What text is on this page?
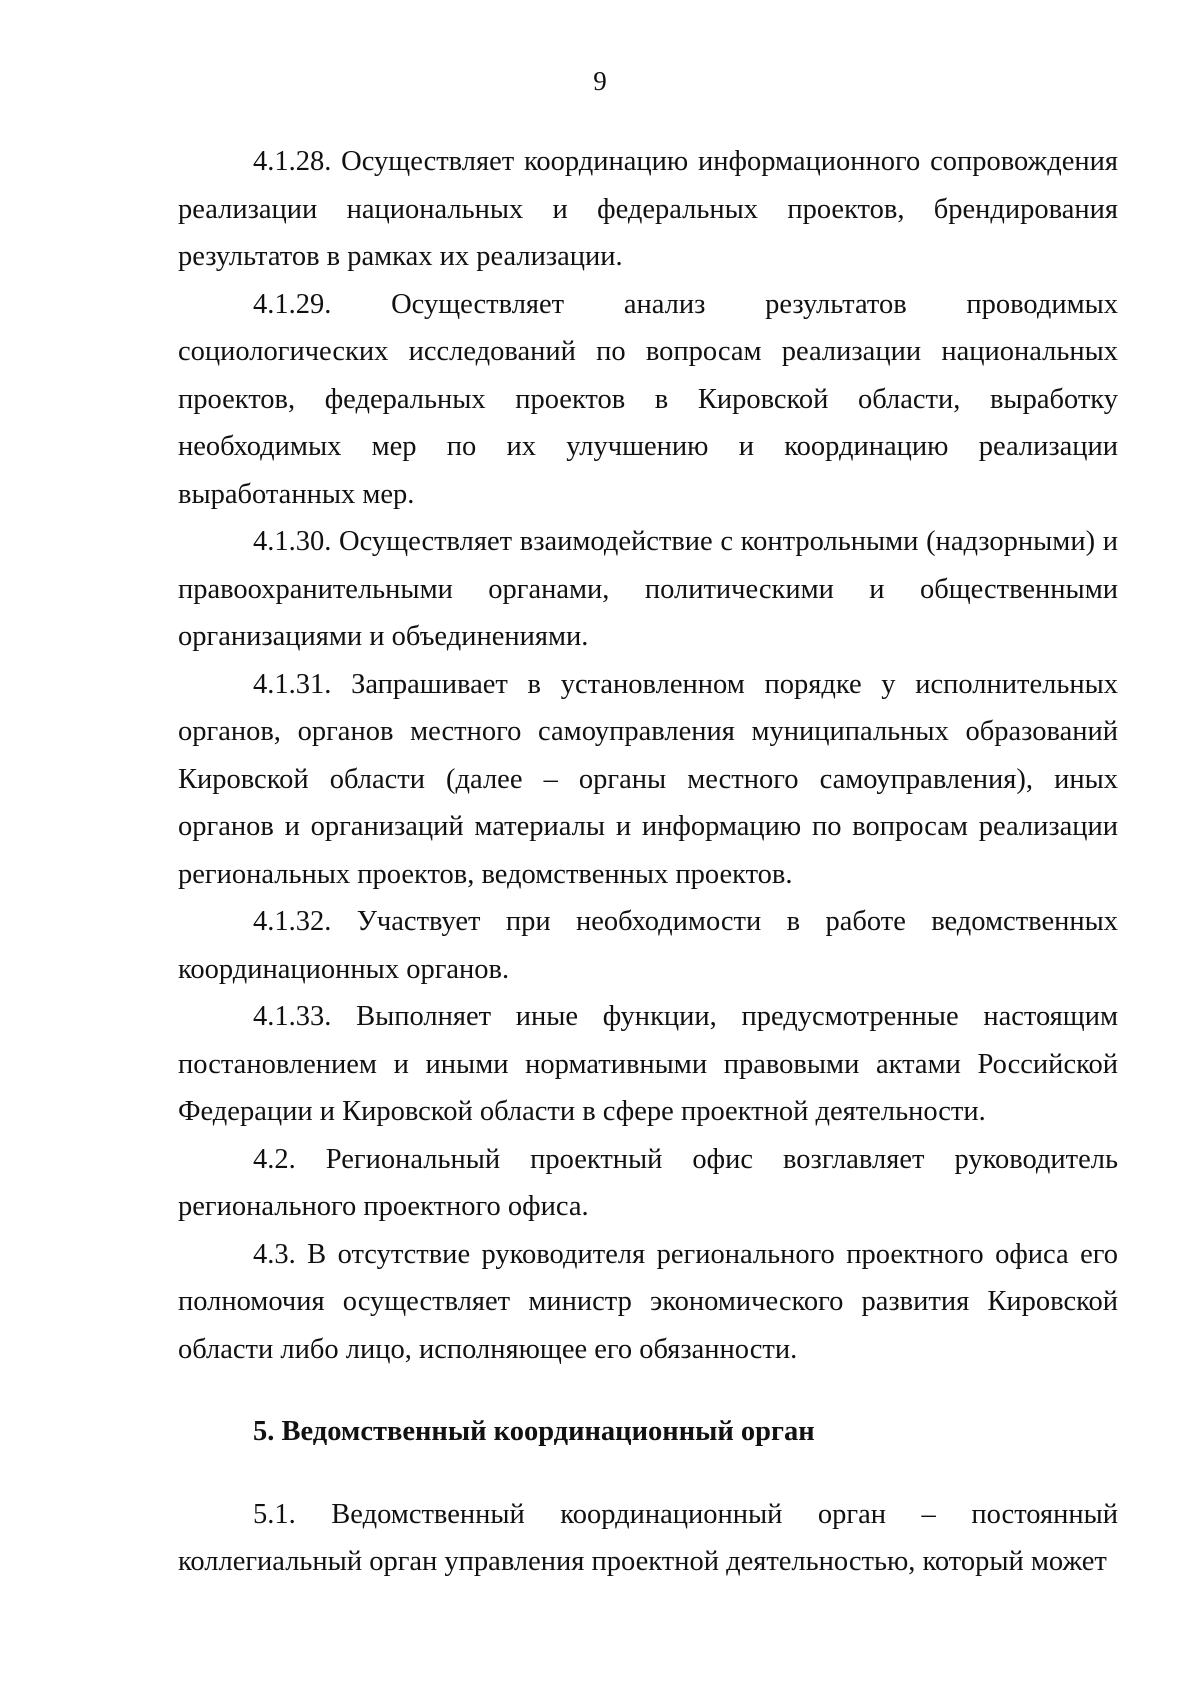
9

4.1.28. Осуществляет координацию информационного сопровождения реализации национальных и федеральных проектов, брендирования результатов в рамках их реализации.

4.1.29. Осуществляет анализ результатов проводимых социологических исследований по вопросам реализации национальных проектов, федеральных проектов в Кировской области, выработку необходимых мер по их улучшению и координацию реализации выработанных мер.

4.1.30. Осуществляет взаимодействие с контрольными (надзорными) и правоохранительными органами, политическими и общественными организациями и объединениями.

4.1.31. Запрашивает в установленном порядке у исполнительных органов, органов местного самоуправления муниципальных образований Кировской области (далее – органы местного самоуправления), иных органов и организаций материалы и информацию по вопросам реализации региональных проектов, ведомственных проектов.

4.1.32. Участвует при необходимости в работе ведомственных координационных органов.

4.1.33. Выполняет иные функции, предусмотренные настоящим постановлением и иными нормативными правовыми актами Российской Федерации и Кировской области в сфере проектной деятельности.

4.2. Региональный проектный офис возглавляет руководитель регионального проектного офиса.

4.3. В отсутствие руководителя регионального проектного офиса его полномочия осуществляет министр экономического развития Кировской области либо лицо, исполняющее его обязанности.

5. Ведомственный координационный орган

5.1. Ведомственный координационный орган – постоянный коллегиальный орган управления проектной деятельностью, который может
